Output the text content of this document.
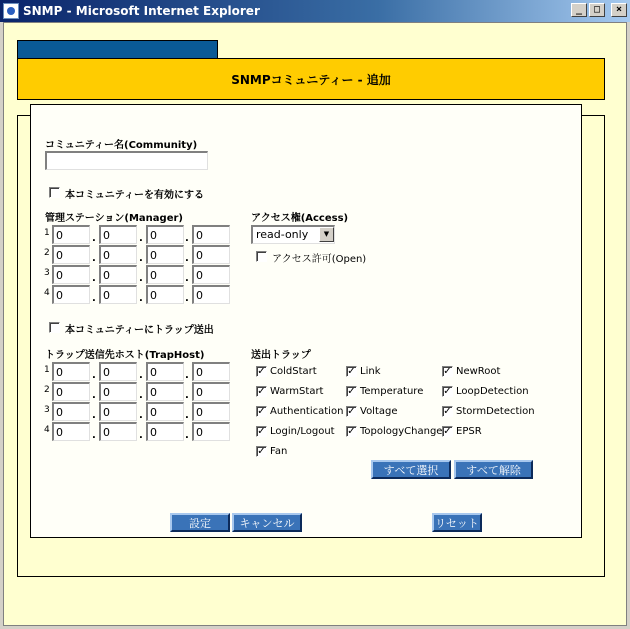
SNMP - Microsoft Internet Explorer	_	□	×
SNMPコミュニティー - 追加
コミュニティー名(Community)
本コミュニティーを有効にする
管理ステーション(Manager)
1
0	.
0	.
0	.
0
2
0	.
0	.
0	.
0
3
0	.
0	.
0	.
0
4
0	.
0	.
0	.
0
アクセス権(Access)
read-only	▼
アクセス許可(Open)
本コミュニティーにトラップ送出
トラップ送信先ホスト(TrapHost)
1
0	.
0	.
0	.
0
2
0	.
0	.
0	.
0
3
0	.
0	.
0	.
0
4
0	.
0	.
0	.
0
送出トラップ
✓ ColdStart	✓ Link	✓ NewRoot
✓ WarmStart ✓ Temperature ✓ LoopDetection
✓ Authentication ✓ Voltage	✓ StormDetection
✓ Login/Logout ✓ TopologyChange ✓ EPSR
✓ Fan
すべて選択	すべて解除
設定	キャンセル	リセット
